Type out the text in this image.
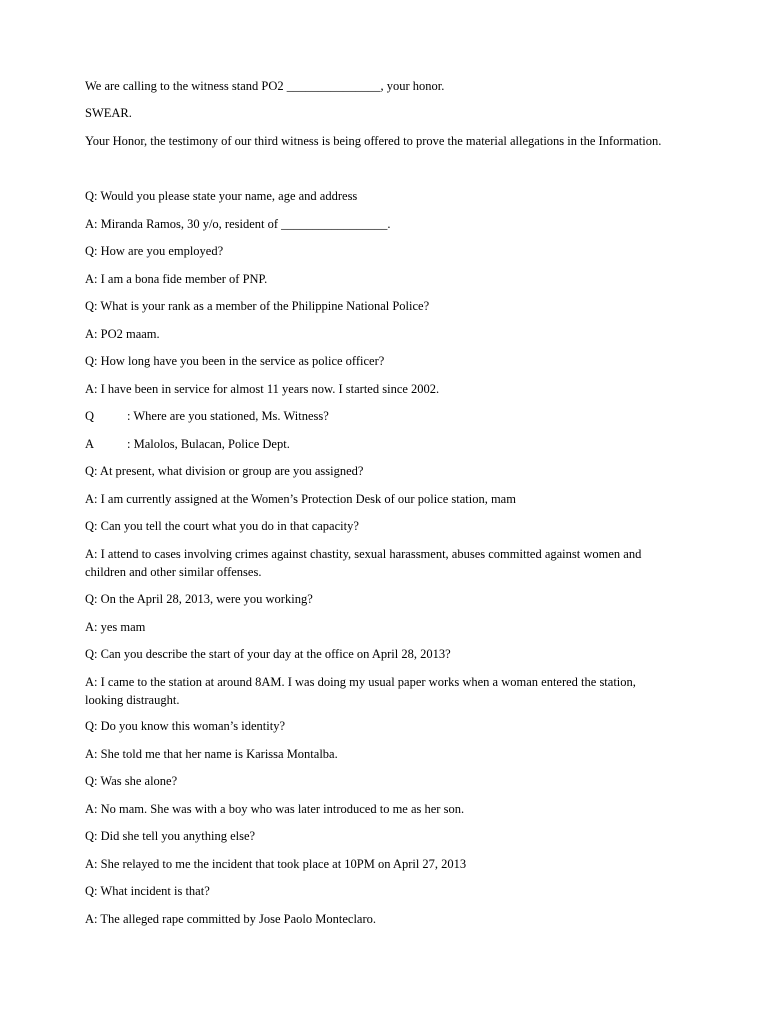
We are calling to the witness stand PO2 _______________, your honor.
SWEAR.
Your Honor, the testimony of our third witness is being offered to prove the material allegations in the Information.
Q: Would you please state your name, age and address
A: Miranda Ramos, 30 y/o, resident of _________________.
Q: How are you employed?
A: I am a bona fide member of PNP.
Q: What is your rank as a member of the Philippine National Police?
A: PO2 maam.
Q: How long have you been in the service as police officer?
A: I have been in service for almost 11 years now. I started since 2002.
Q	: Where are you stationed, Ms. Witness?
A	: Malolos, Bulacan, Police Dept.
Q: At present, what division or group are you assigned?
A: I am currently assigned at the Women’s Protection Desk of our police station, mam
Q: Can you tell the court what you do in that capacity?
A: I attend to cases involving crimes against chastity, sexual harassment, abuses committed against women and children and other similar offenses.
Q: On the April 28, 2013, were you working?
A: yes mam
Q: Can you describe the start of your day at the office on April 28, 2013?
A: I came to the station at around 8AM. I was doing my usual paper works when a woman entered the station, looking distraught.
Q: Do you know this woman’s identity?
A: She told me that her name is Karissa Montalba.
Q: Was she alone?
A: No mam. She was with a boy who was later introduced to me as her son.
Q: Did she tell you anything else?
A: She relayed to me the incident that took place at 10PM on April 27, 2013
Q: What incident is that?
A: The alleged rape committed by Jose Paolo Monteclaro.
